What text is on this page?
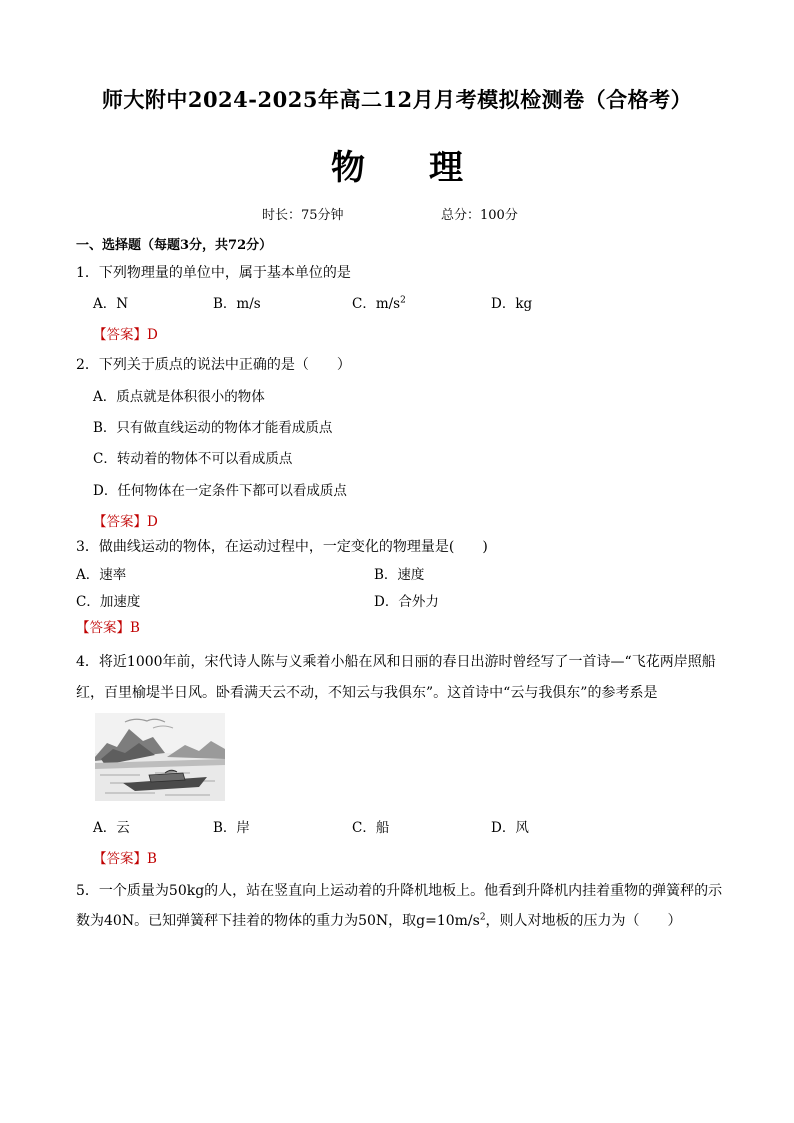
师大附中2024-2025年高二12月月考模拟检测卷（合格考）
物 理
时长：75分钟	总分：100分
一、选择题（每题3分，共72分）
1．下列物理量的单位中，属于基本单位的是
A．N	B．m/s	C．$m/s^2$	D．kg
【答案】D
2．下列关于质点的说法中正确的是（　　）
A．质点就是体积很小的物体
B．只有做直线运动的物体才能看成质点
C．转动着的物体不可以看成质点
D．任何物体在一定条件下都可以看成质点
【答案】D
3．做曲线运动的物体，在运动过程中，一定变化的物理量是(　　)
A．速率	B．速度
C．加速度	D．合外力
【答案】B
4．将近1000年前，宋代诗人陈与义乘着小船在风和日丽的春日出游时曾经写了一首诗—“飞花两岸照船
红，百里榆堤半日风。卧看满天云不动，不知云与我俱东”。这首诗中“云与我俱东”的参考系是
A．云	B．岸	C．船	D．风
【答案】B
5．一个质量为50kg的人，站在竖直向上运动着的升降机地板上。他看到升降机内挂着重物的弹簧秤的示
数为40N。已知弹簧秤下挂着的物体的重力为50N，取$g=10m/s^2$，则人对地板的压力为（　　）
